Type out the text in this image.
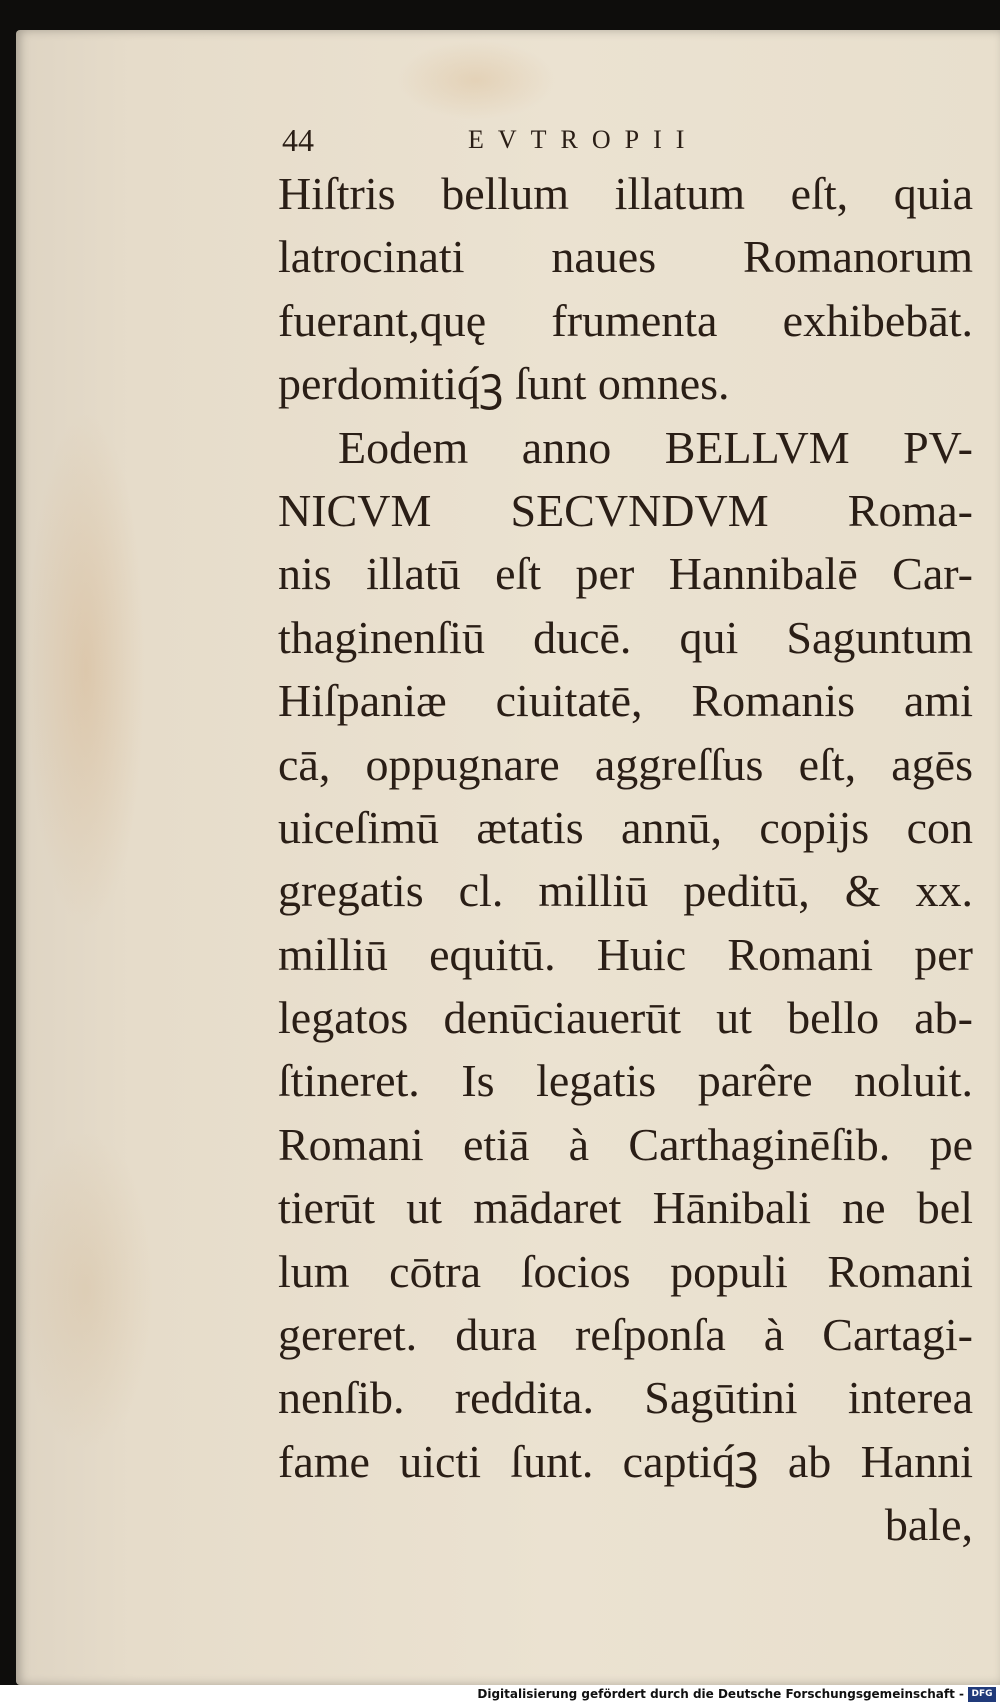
44	EVTROPII
Hiſtris bellum illatum eſt, quia
latrocinati naues Romanorum
fuerant,quę frumenta exhibebāt.
perdomitiq́ꝫ ſunt omnes.
Eodem anno BELLVM PV-
NICVM SECVNDVM Roma-
nis illatū eſt per Hannibalē Car-
thaginenſiū ducē. qui Saguntum
Hiſpaniæ ciuitatē, Romanis ami
cā, oppugnare aggreſſus eſt, agēs
uiceſimū ætatis annū, copijs con
gregatis cl. milliū peditū, & xx.
milliū equitū. Huic Romani per
legatos denūciauerūt ut bello ab-
ſtineret. Is legatis parêre noluit.
Romani etiā à Carthaginēſib. pe
tierūt ut mādaret Hānibali ne bel
lum cōtra ſocios populi Romani
gereret. dura reſponſa à Cartagi-
nenſib. reddita. Sagūtini interea
fame uicti ſunt. captiq́ꝫ ab Hanni
bale,
Digitalisierung gefördert durch die Deutsche Forschungsgemeinschaft - DFG
